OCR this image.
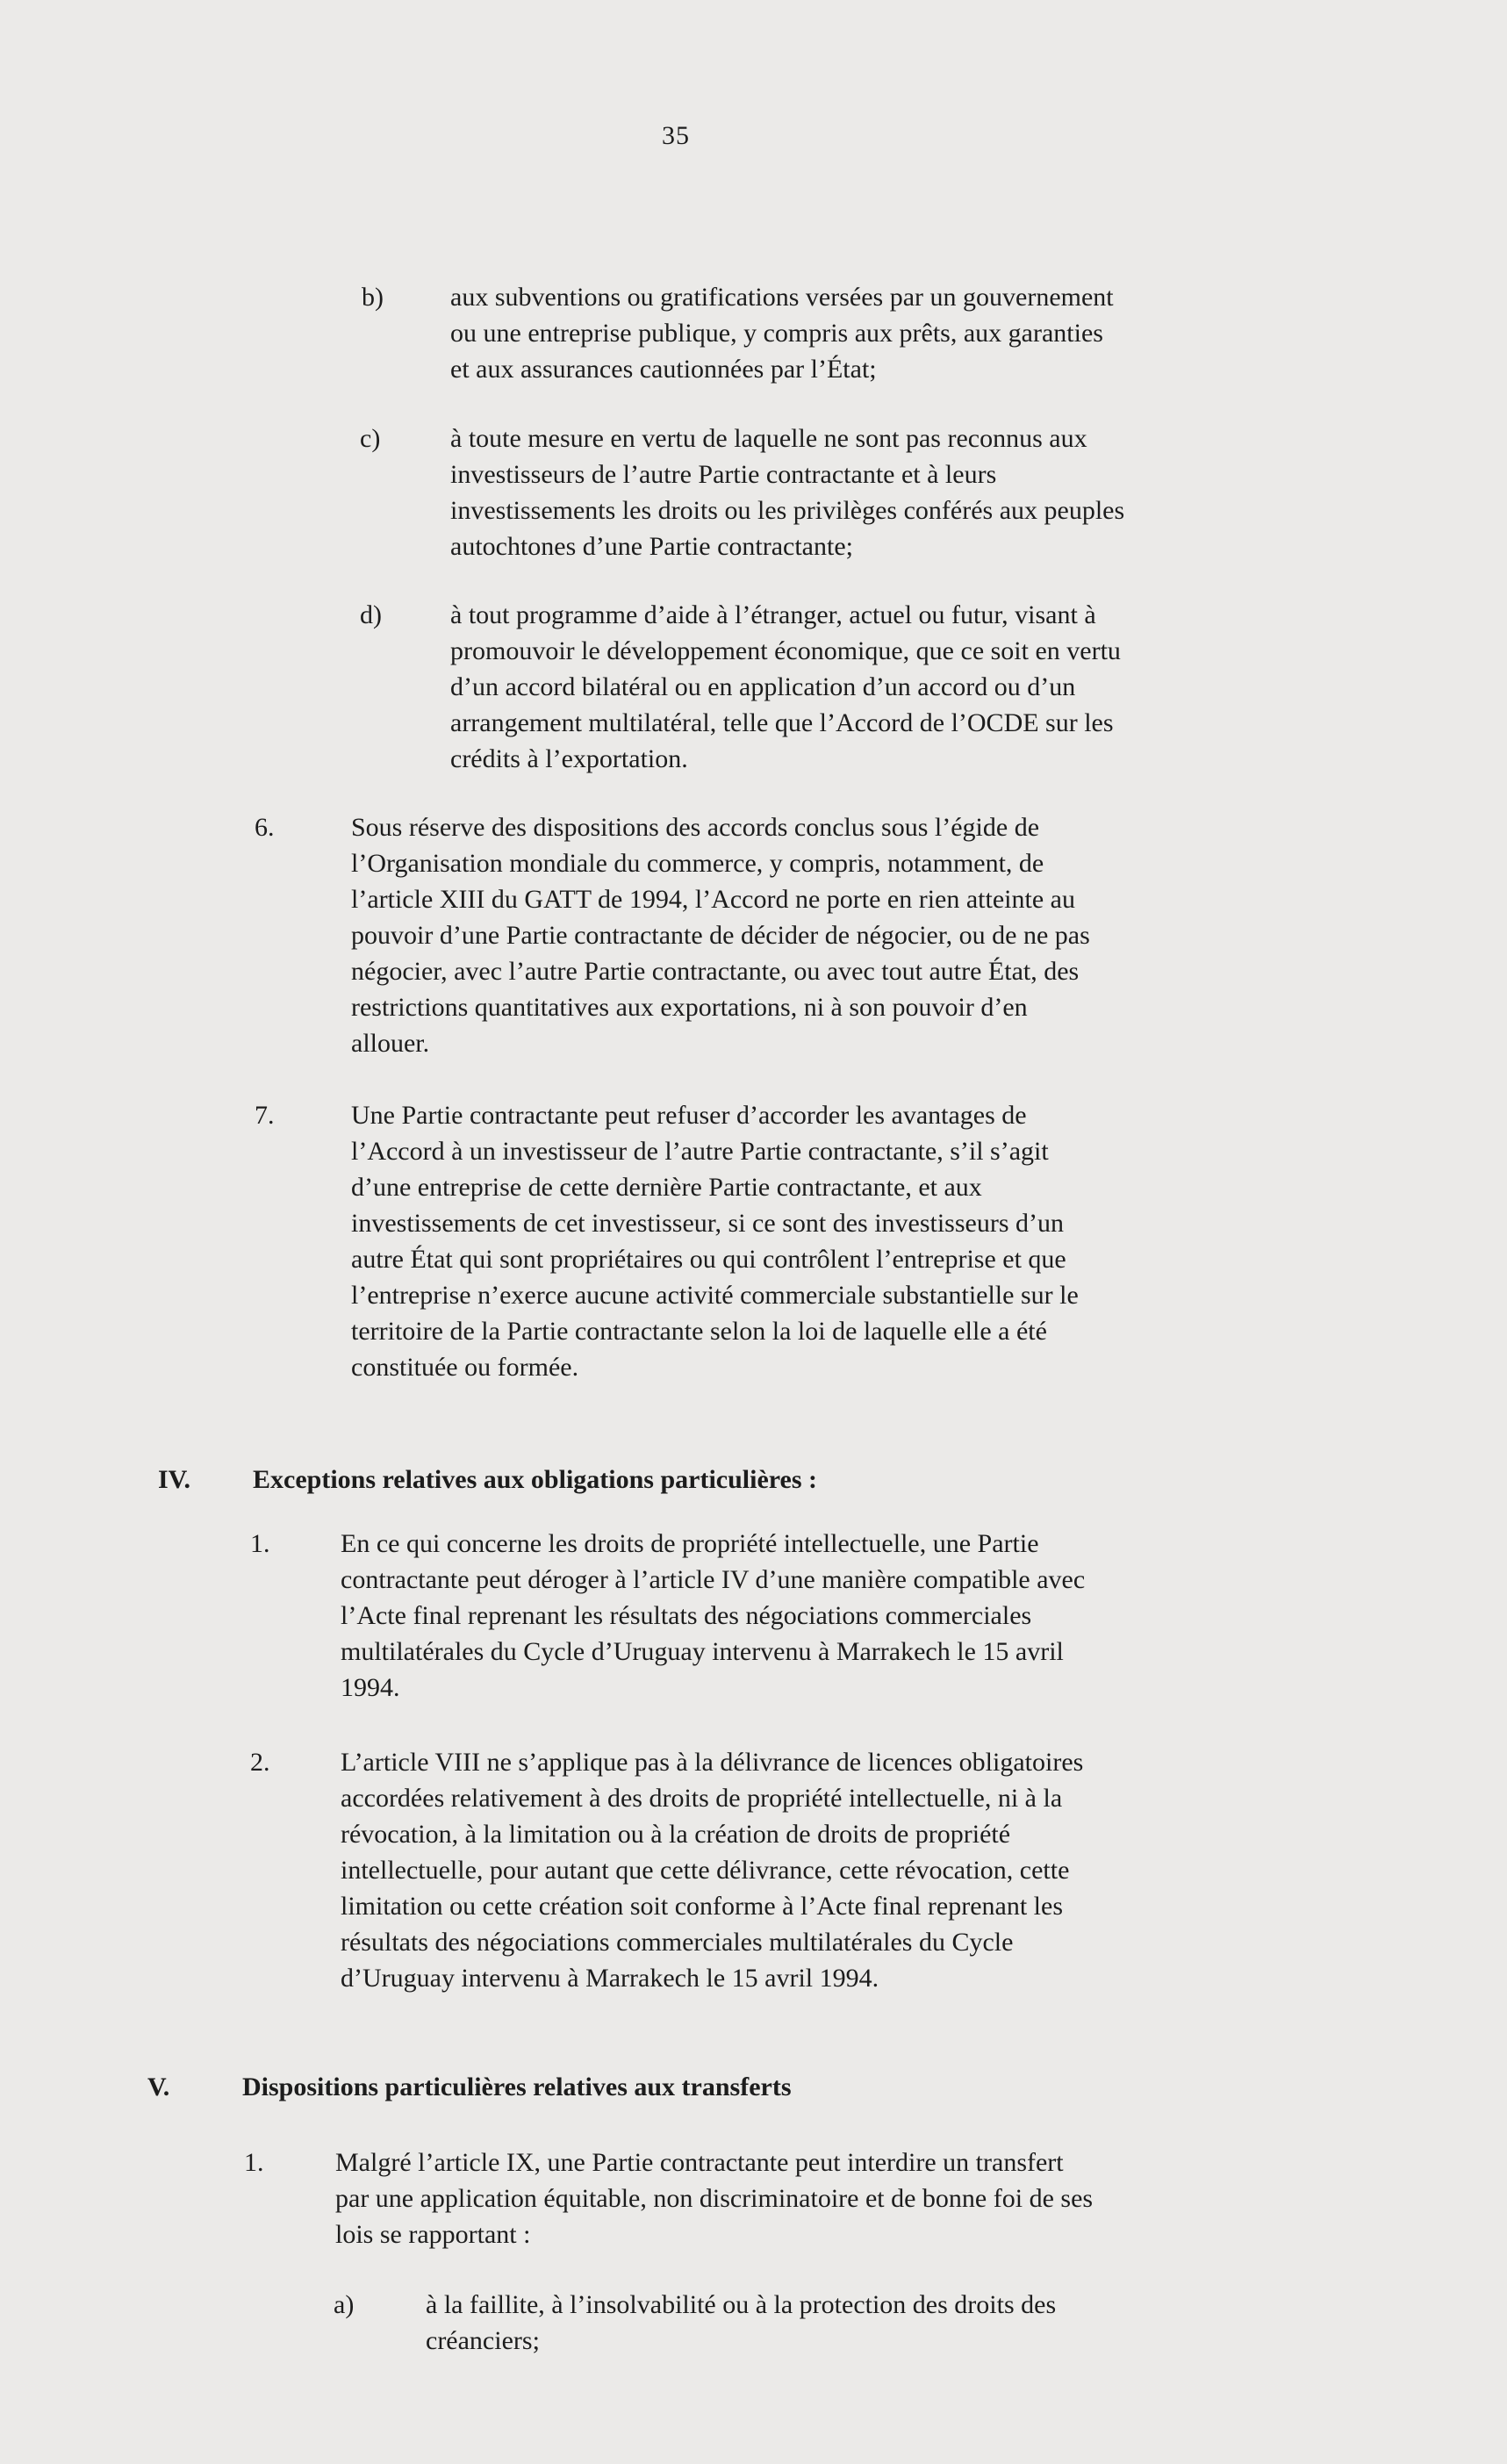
35
b)	aux subventions ou gratifications versées par un gouvernement
ou une entreprise publique, y compris aux prêts, aux garanties
et aux assurances cautionnées par l’État;
c)	à toute mesure en vertu de laquelle ne sont pas reconnus aux
investisseurs de l’autre Partie contractante et à leurs
investissements les droits ou les privilèges conférés aux peuples
autochtones d’une Partie contractante;
d)	à tout programme d’aide à l’étranger, actuel ou futur, visant à
promouvoir le développement économique, que ce soit en vertu
d’un accord bilatéral ou en application d’un accord ou d’un
arrangement multilatéral, telle que l’Accord de l’OCDE sur les
crédits à l’exportation.
6.	Sous réserve des dispositions des accords conclus sous l’égide de
l’Organisation mondiale du commerce, y compris, notamment, de
l’article XIII du GATT de 1994, l’Accord ne porte en rien atteinte au
pouvoir d’une Partie contractante de décider de négocier, ou de ne pas
négocier, avec l’autre Partie contractante, ou avec tout autre État, des
restrictions quantitatives aux exportations, ni à son pouvoir d’en
allouer.
7.	Une Partie contractante peut refuser d’accorder les avantages de
l’Accord à un investisseur de l’autre Partie contractante, s’il s’agit
d’une entreprise de cette dernière Partie contractante, et aux
investissements de cet investisseur, si ce sont des investisseurs d’un
autre État qui sont propriétaires ou qui contrôlent l’entreprise et que
l’entreprise n’exerce aucune activité commerciale substantielle sur le
territoire de la Partie contractante selon la loi de laquelle elle a été
constituée ou formée.
IV. Exceptions relatives aux obligations particulières :
1.	En ce qui concerne les droits de propriété intellectuelle, une Partie
contractante peut déroger à l’article IV d’une manière compatible avec
l’Acte final reprenant les résultats des négociations commerciales
multilatérales du Cycle d’Uruguay intervenu à Marrakech le 15 avril
1994.
2.	L’article VIII ne s’applique pas à la délivrance de licences obligatoires
accordées relativement à des droits de propriété intellectuelle, ni à la
révocation, à la limitation ou à la création de droits de propriété
intellectuelle, pour autant que cette délivrance, cette révocation, cette
limitation ou cette création soit conforme à l’Acte final reprenant les
résultats des négociations commerciales multilatérales du Cycle
d’Uruguay intervenu à Marrakech le 15 avril 1994.
V.	Dispositions particulières relatives aux transferts
1.	Malgré l’article IX, une Partie contractante peut interdire un transfert
par une application équitable, non discriminatoire et de bonne foi de ses
lois se rapportant :
a)	à la faillite, à l’insolvabilité ou à la protection des droits des
créanciers;
